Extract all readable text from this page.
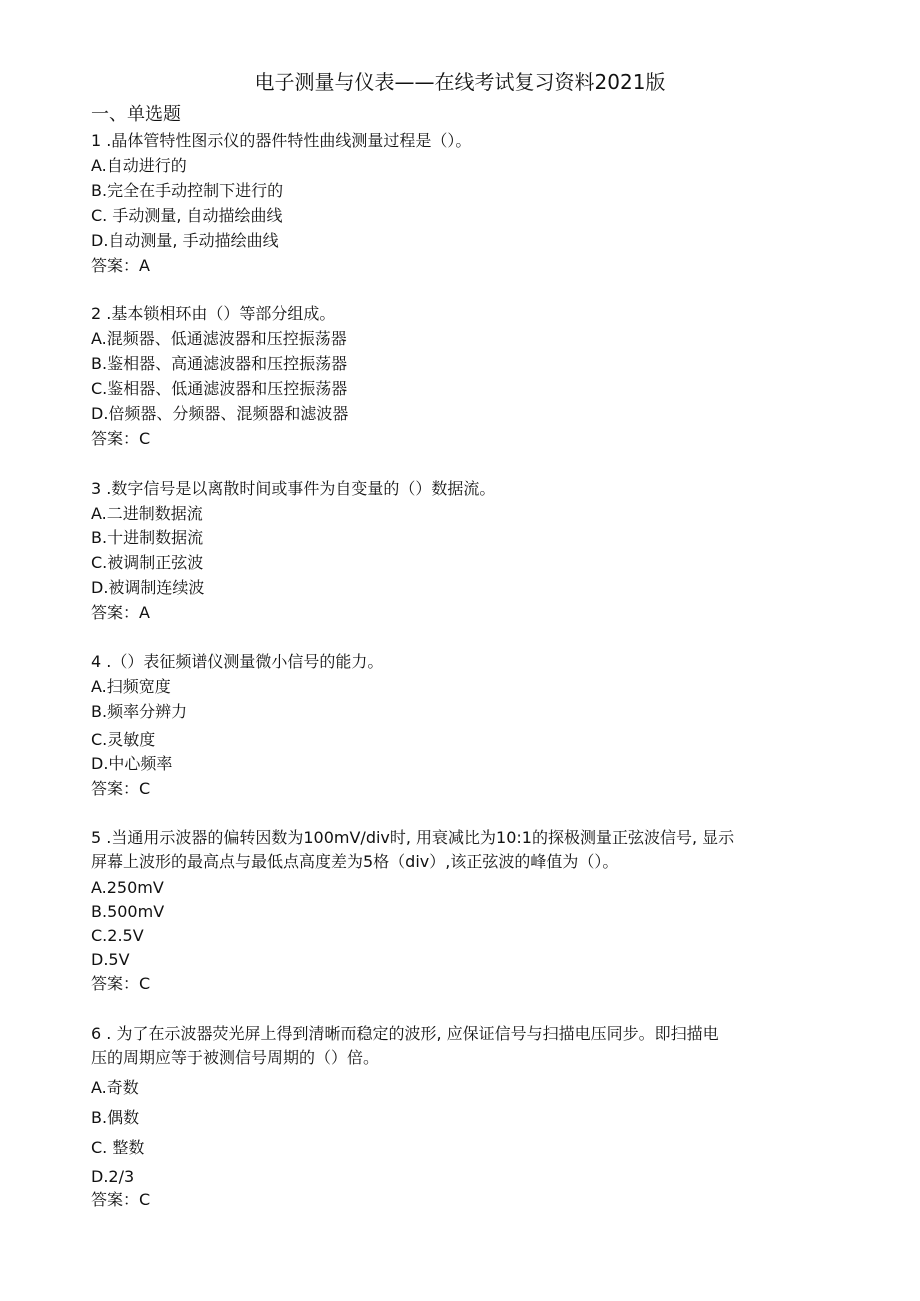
电子测量与仪表——在线考试复习资料2021版
一、单选题
1 .晶体管特性图示仪的器件特性曲线测量过程是（）。
A.自动进行的
B.完全在手动控制下进行的
C. 手动测量, 自动描绘曲线
D.自动测量, 手动描绘曲线
答案：A
2 .基本锁相环由（）等部分组成。
A.混频器、低通滤波器和压控振荡器
B.鉴相器、高通滤波器和压控振荡器
C.鉴相器、低通滤波器和压控振荡器
D.倍频器、分频器、混频器和滤波器
答案：C
3 .数字信号是以离散时间或事件为自变量的（）数据流。
A.二进制数据流
B.十进制数据流
C.被调制正弦波
D.被调制连续波
答案：A
4 .（）表征频谱仪测量微小信号的能力。
A.扫频宽度
B.频率分辨力
C.灵敏度
D.中心频率
答案：C
5 .当通用示波器的偏转因数为100mV/div时, 用衰减比为10:1的探极测量正弦波信号, 显示
屏幕上波形的最高点与最低点高度差为5格（div）,该正弦波的峰值为（）。
A.250mV
B.500mV
C.2.5V
D.5V
答案：C
6 . 为了在示波器荧光屏上得到清晰而稳定的波形, 应保证信号与扫描电压同步。即扫描电
压的周期应等于被测信号周期的（）倍。
A.奇数
B.偶数
C. 整数
D.2/3
答案：C
